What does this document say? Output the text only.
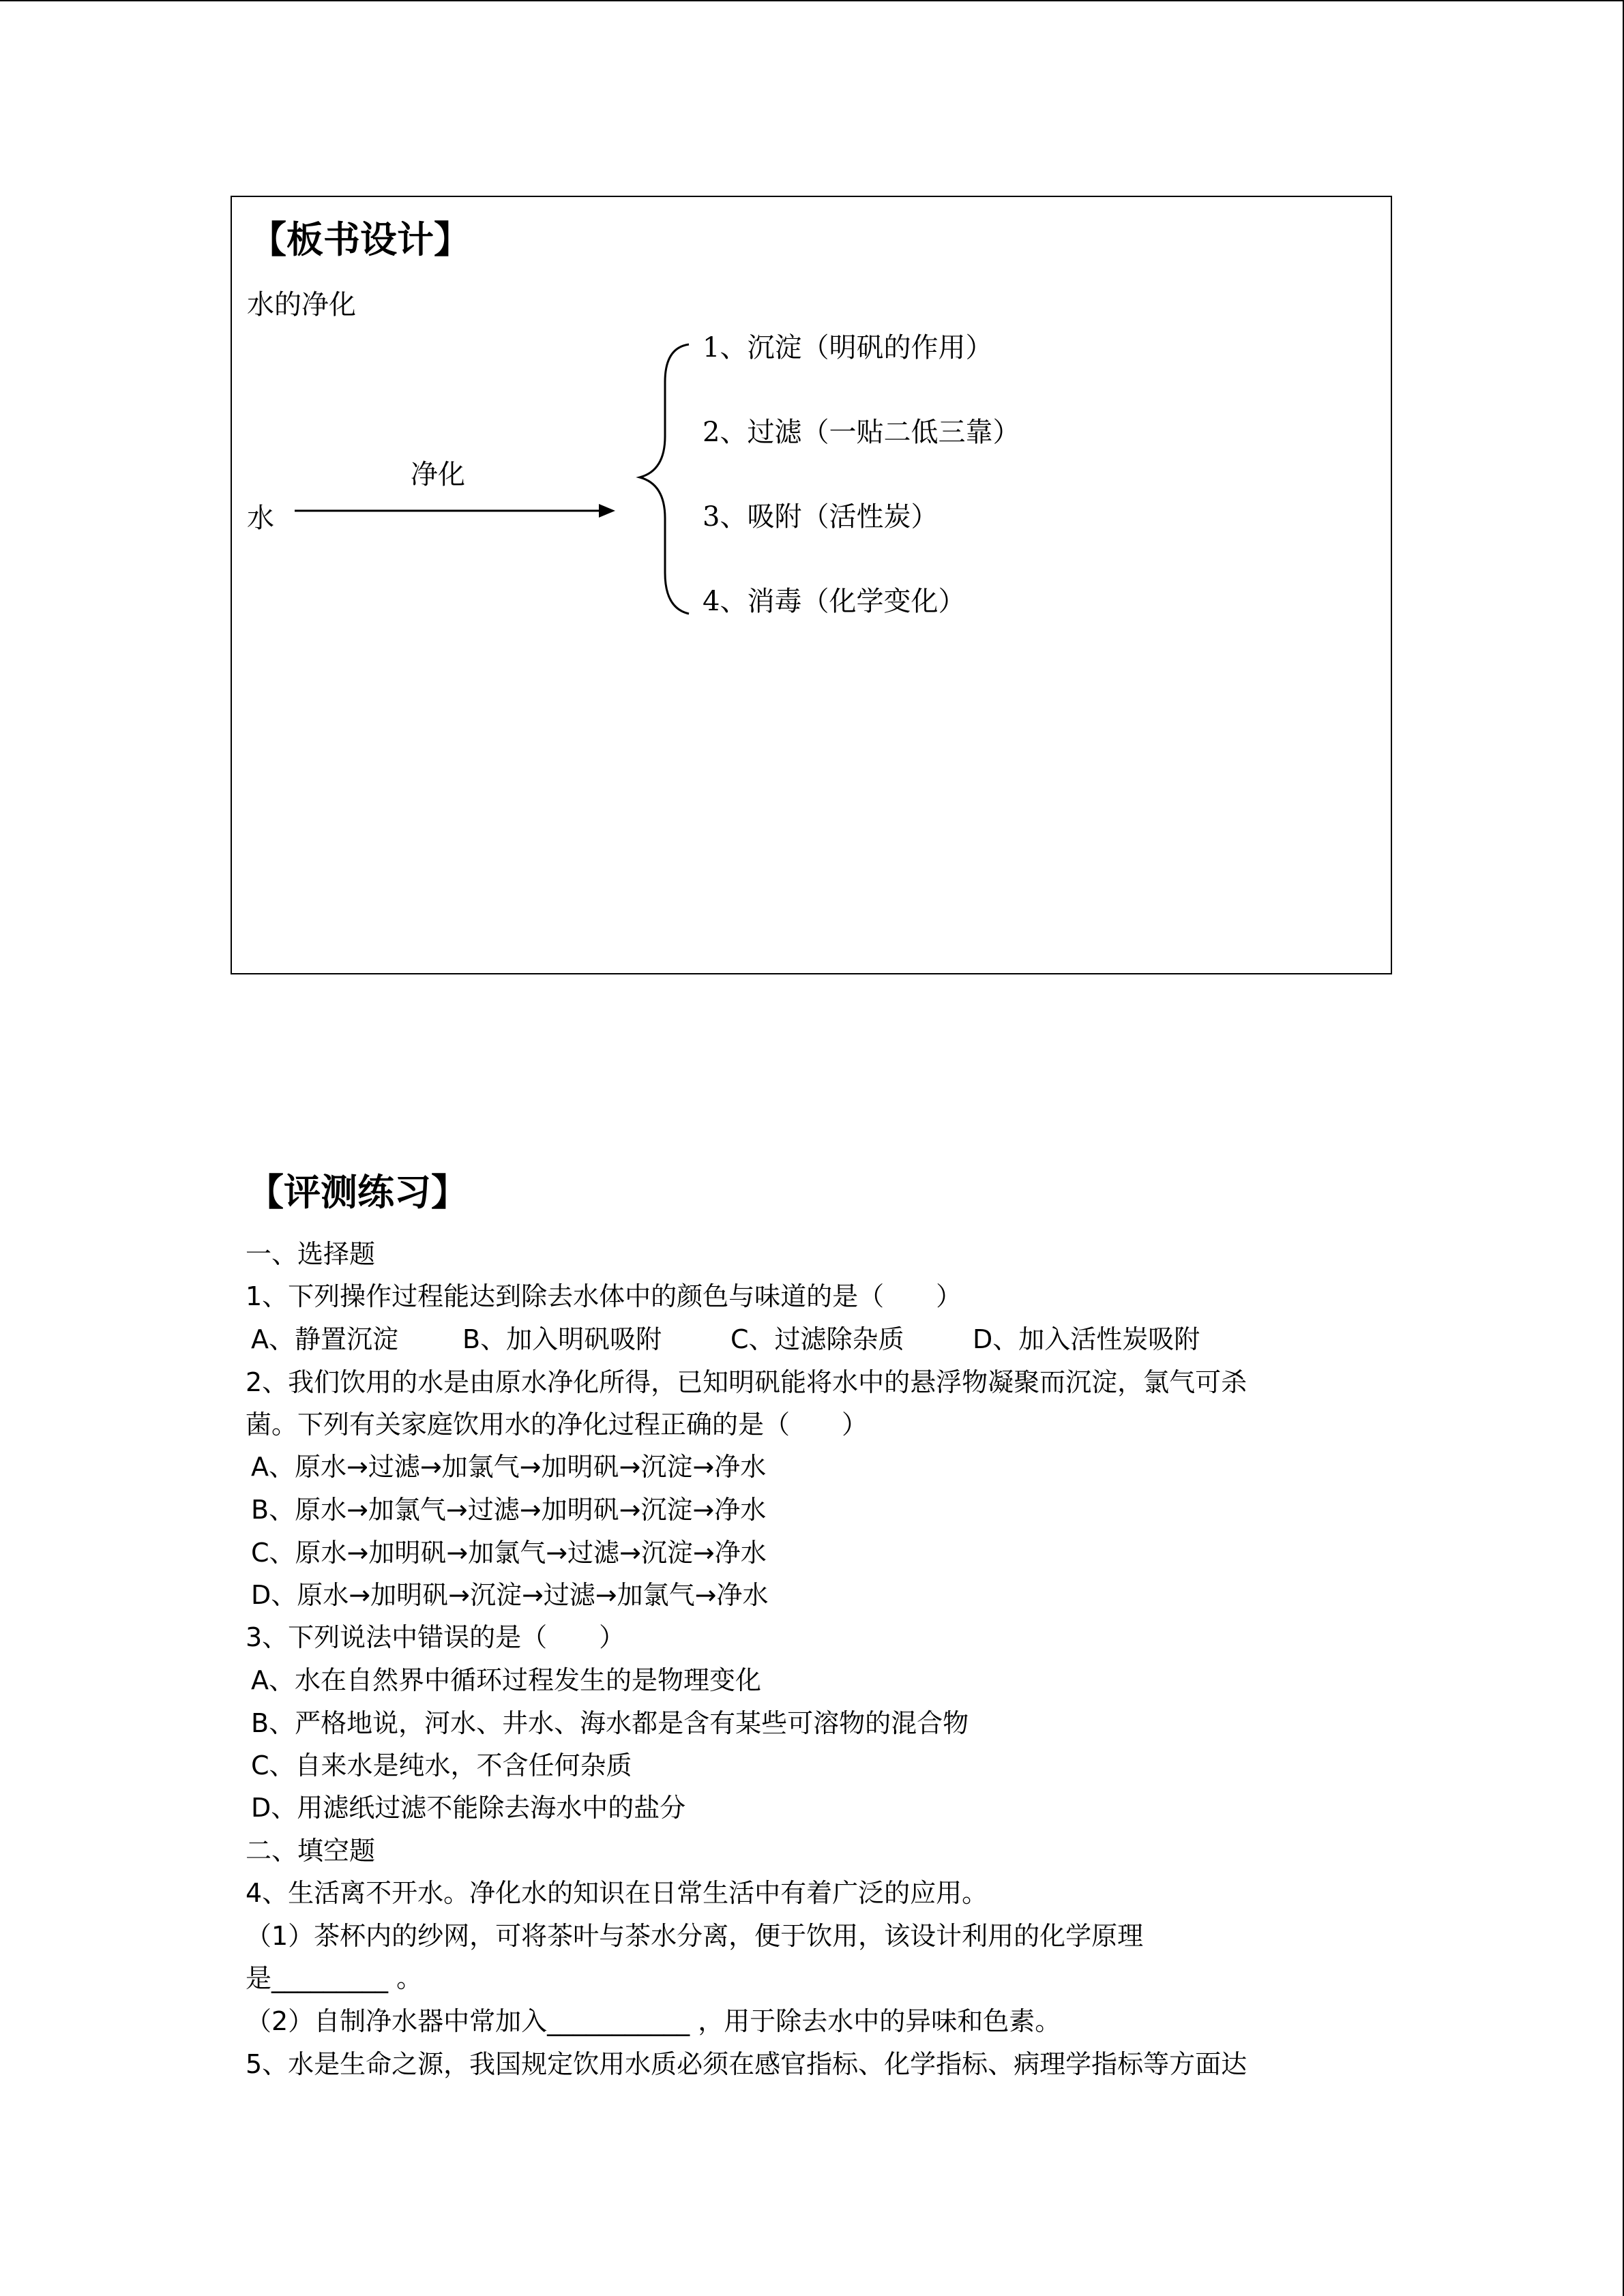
【板书设计】
水的净化
水
净化
1、沉淀（明矾的作用）
2、过滤（一贴二低三靠）
3、吸附（活性炭）
4、消毒（化学变化）
【评测练习】
一、选择题
1、下列操作过程能达到除去水体中的颜色与味道的是（　　）
A、静置沉淀 B、加入明矾吸附	C、过滤除杂质	D、加入活性炭吸附
2、我们饮用的水是由原水净化所得，已知明矾能将水中的悬浮物凝聚而沉淀，氯气可杀
菌。下列有关家庭饮用水的净化过程正确的是（　　）
A、原水→过滤→加氯气→加明矾→沉淀→净水
B、原水→加氯气→过滤→加明矾→沉淀→净水
C、原水→加明矾→加氯气→过滤→沉淀→净水
D、原水→加明矾→沉淀→过滤→加氯气→净水
3、下列说法中错误的是（　　）
A、水在自然界中循环过程发生的是物理变化
B、严格地说，河水、井水、海水都是含有某些可溶物的混合物
C、自来水是纯水，不含任何杂质
D、用滤纸过滤不能除去海水中的盐分
二、填空题
4、生活离不开水。净化水的知识在日常生活中有着广泛的应用。
（1）茶杯内的纱网，可将茶叶与茶水分离，便于饮用，该设计利用的化学原理
是_________ 。
（2）自制净水器中常加入___________ ，用于除去水中的异味和色素。
5、水是生命之源，我国规定饮用水质必须在感官指标、化学指标、病理学指标等方面达
